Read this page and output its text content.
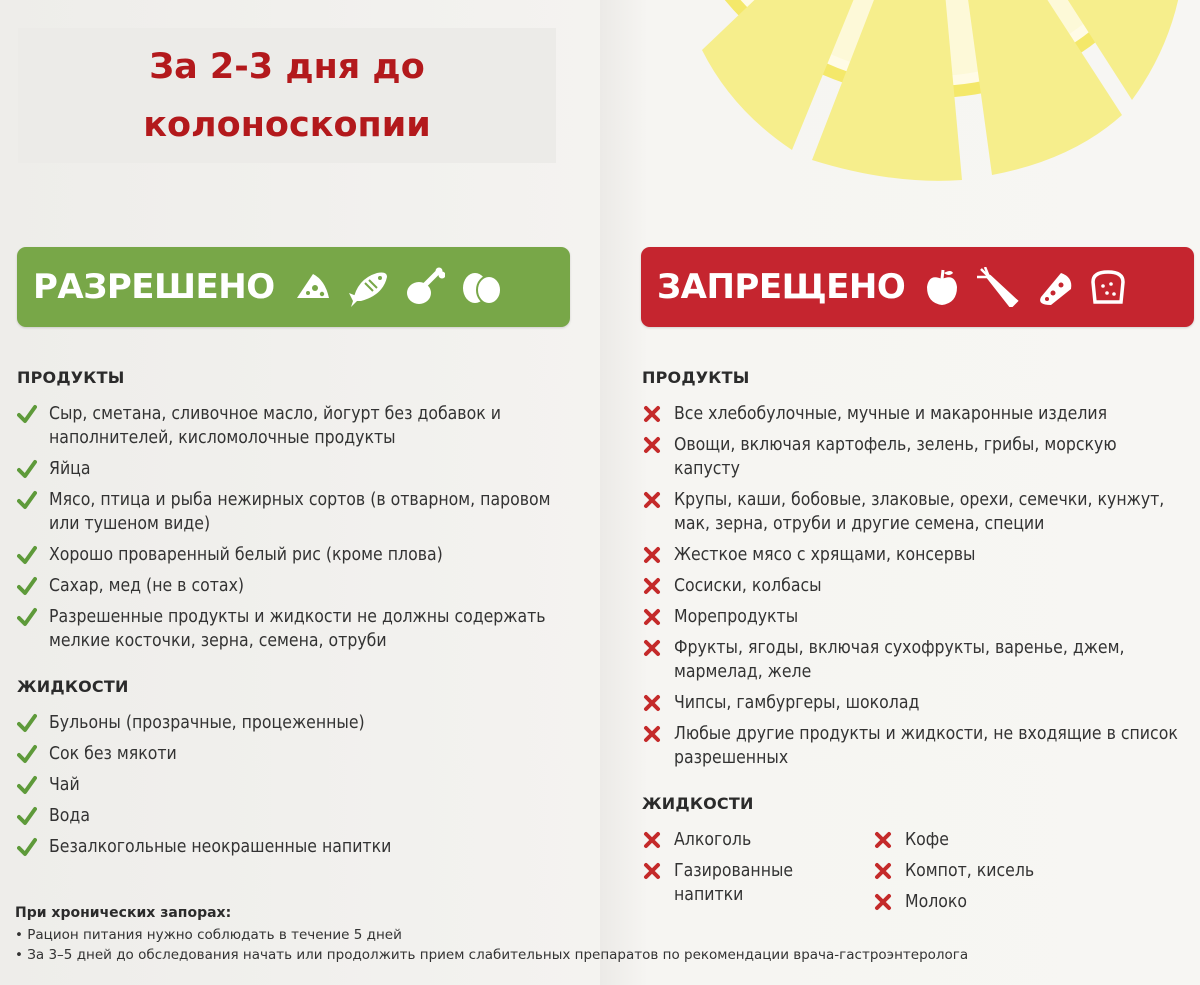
За 2-3 дня до колоноскопии
РАЗРЕШЕНО	ЗАПРЕЩЕНО
ПРОДУКТЫ
Сыр, сметана, сливочное масло, йогурт без добавок и наполнителей, кисломолочные продукты
Яйца
Мясо, птица и рыба нежирных сортов (в отварном, паровом или тушеном виде)
Хорошо проваренный белый рис (кроме плова)
Сахар, мед (не в сотах)
Разрешенные продукты и жидкости не должны содержать мелкие косточки, зерна, семена, отруби
ЖИДКОСТИ
Бульоны (прозрачные, процеженные)
Сок без мякоти
Чай
Вода
Безалкогольные неокрашенные напитки
ПРОДУКТЫ
Все хлебобулочные, мучные и макаронные изделия
Овощи, включая картофель, зелень, грибы, морскую капусту
Крупы, каши, бобовые, злаковые, орехи, семечки, кунжут, мак, зерна, отруби и другие семена, специи
Жесткое мясо с хрящами, консервы
Сосиски, колбасы
Морепродукты
Фрукты, ягоды, включая сухофрукты, варенье, джем, мармелад, желе
Чипсы, гамбургеры, шоколад
Любые другие продукты и жидкости, не входящие в список разрешенных
ЖИДКОСТИ
Алкоголь
Газированные напитки
Кофе
Компот, кисель
Молоко
При хронических запорах:
• Рацион питания нужно соблюдать в течение 5 дней
• За 3–5 дней до обследования начать или продолжить прием слабительных препаратов по рекомендации врача-гастроэнтеролога
